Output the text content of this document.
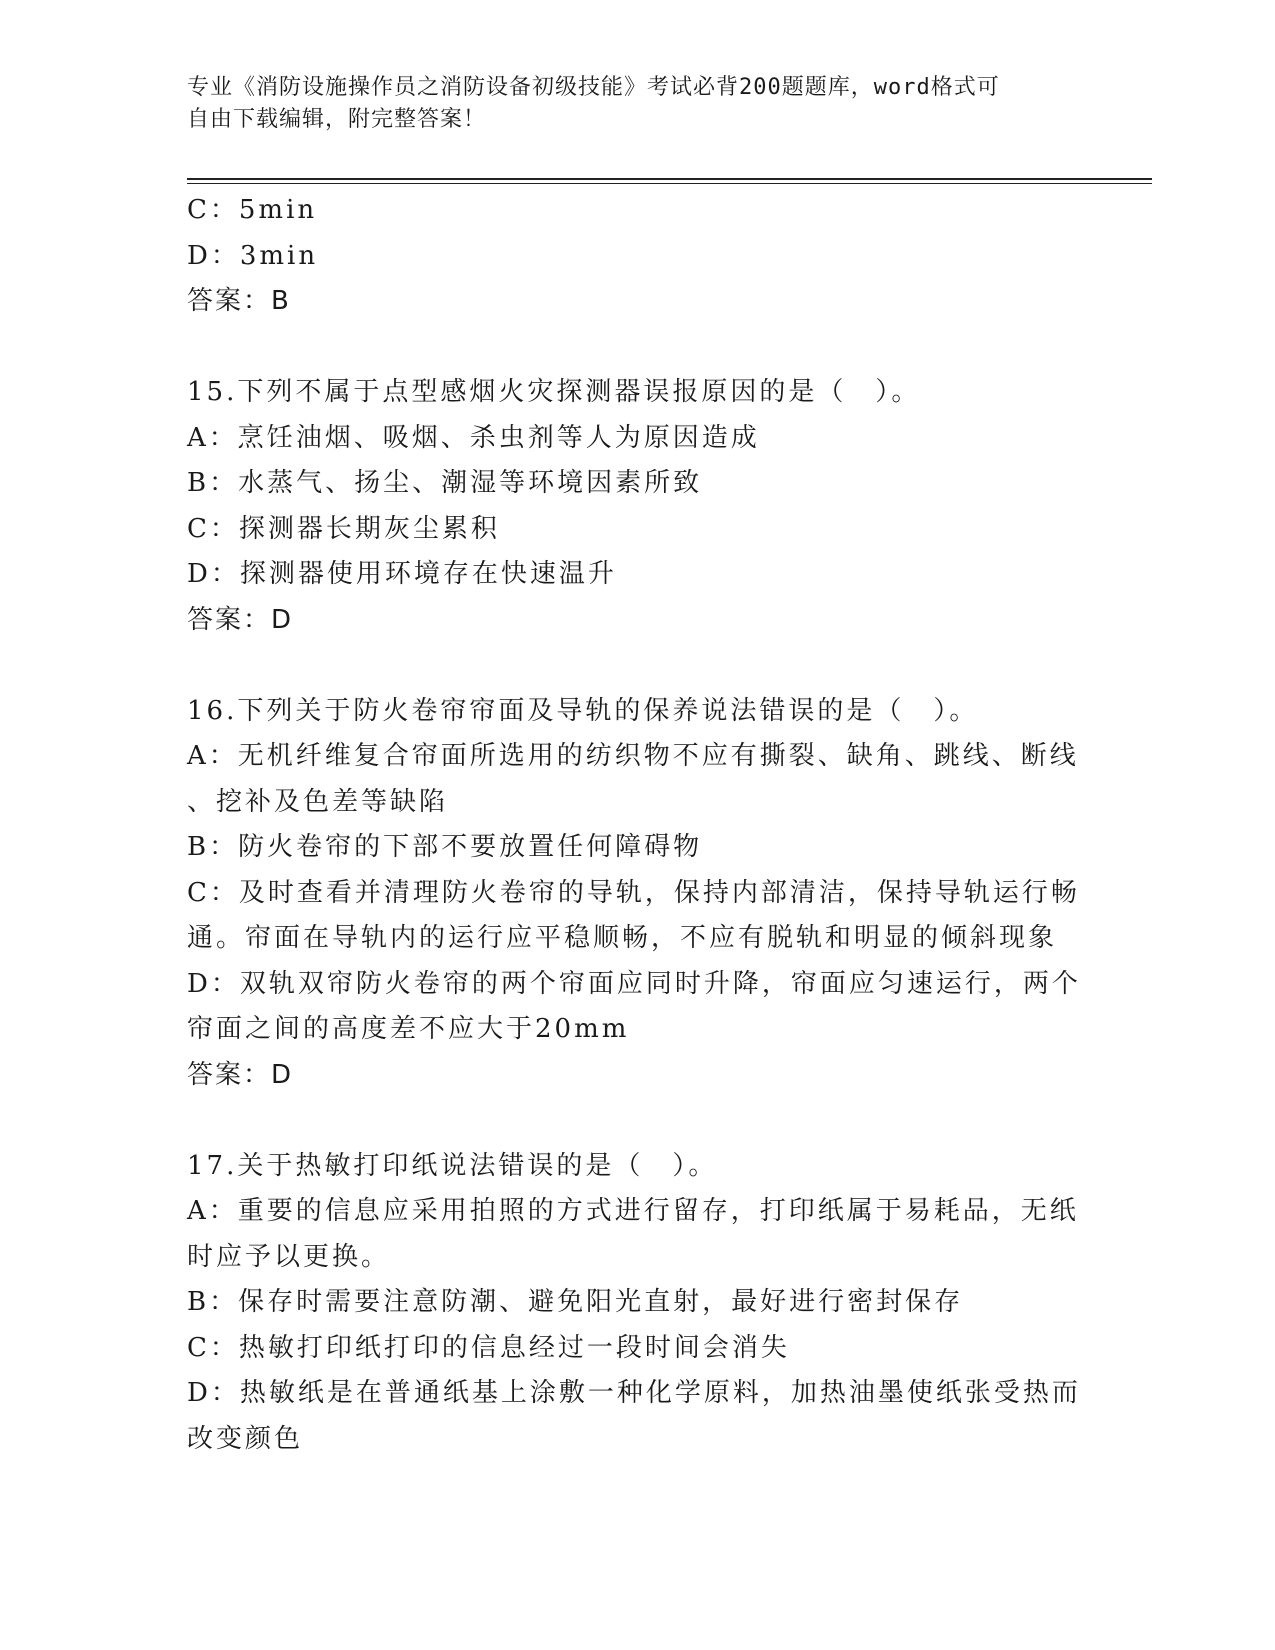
专业《消防设施操作员之消防设备初级技能》考试必背200题题库，word格式可
自由下载编辑，附完整答案！
C：5min
D：3min
答案：B
15.下列不属于点型感烟火灾探测器误报原因的是（　）。
A：烹饪油烟、吸烟、杀虫剂等人为原因造成
B：水蒸气、扬尘、潮湿等环境因素所致
C：探测器长期灰尘累积
D：探测器使用环境存在快速温升
答案：D
16.下列关于防火卷帘帘面及导轨的保养说法错误的是（　）。
A：无机纤维复合帘面所选用的纺织物不应有撕裂、缺角、跳线、断线
、挖补及色差等缺陷
B：防火卷帘的下部不要放置任何障碍物
C：及时查看并清理防火卷帘的导轨，保持内部清洁，保持导轨运行畅
通。帘面在导轨内的运行应平稳顺畅，不应有脱轨和明显的倾斜现象
D：双轨双帘防火卷帘的两个帘面应同时升降，帘面应匀速运行，两个
帘面之间的高度差不应大于20mm
答案：D
17.关于热敏打印纸说法错误的是（　）。
A：重要的信息应采用拍照的方式进行留存，打印纸属于易耗品，无纸
时应予以更换。
B：保存时需要注意防潮、避免阳光直射，最好进行密封保存
C：热敏打印纸打印的信息经过一段时间会消失
D：热敏纸是在普通纸基上涂敷一种化学原料，加热油墨使纸张受热而
改变颜色
